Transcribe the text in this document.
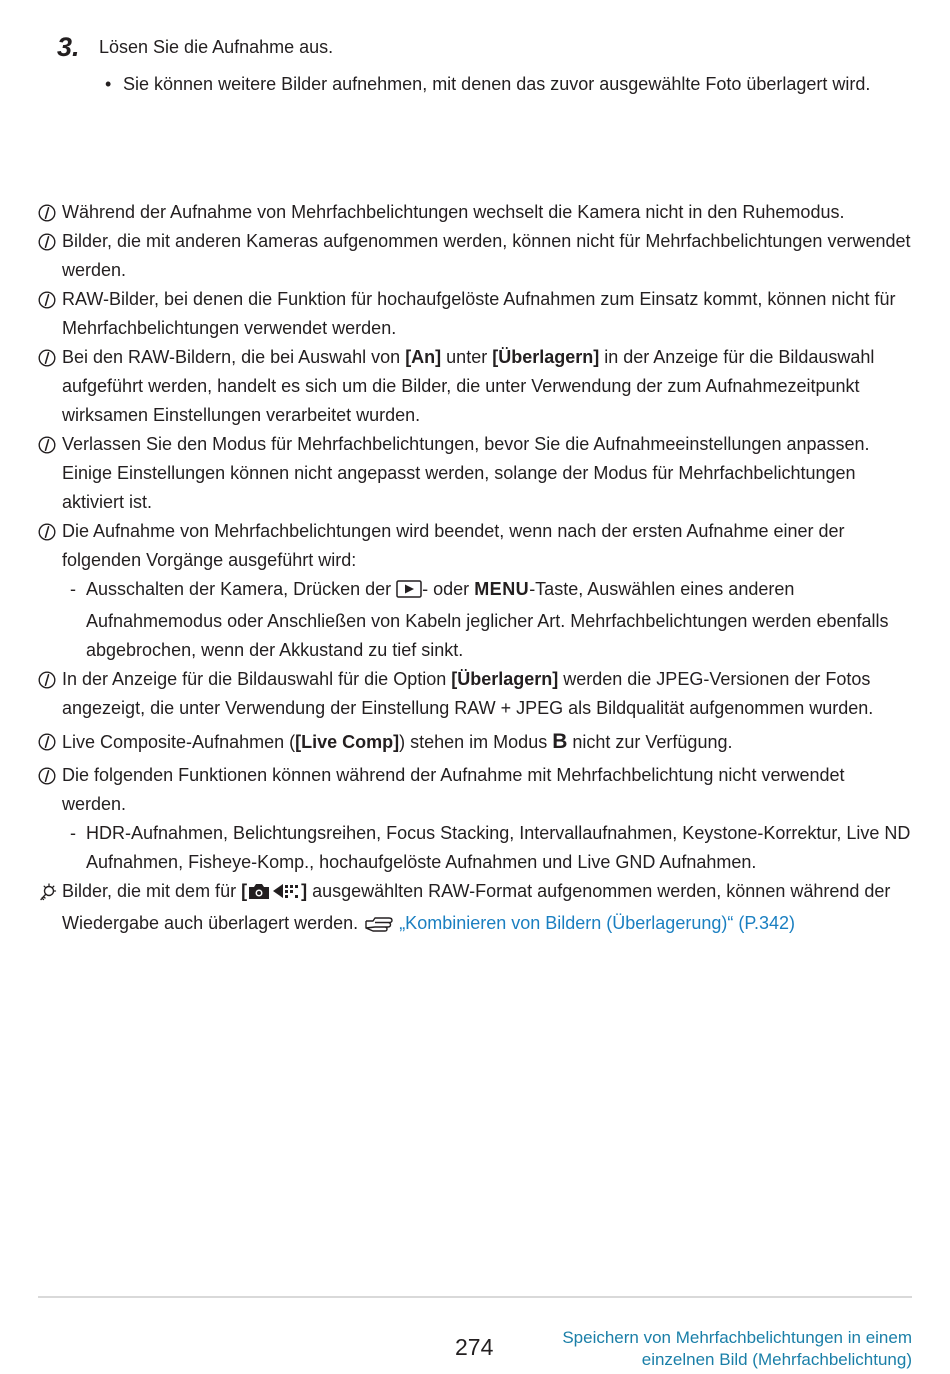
3. Lösen Sie die Aufnahme aus.
• Sie können weitere Bilder aufnehmen, mit denen das zuvor ausgewählte Foto überlagert wird.

Während der Aufnahme von Mehrfachbelichtungen wechselt die Kamera nicht in den Ruhemodus.

Bilder, die mit anderen Kameras aufgenommen werden, können nicht für Mehrfachbelichtungen verwendet werden.

RAW-Bilder, bei denen die Funktion für hochaufgelöste Aufnahmen zum Einsatz kommt, können nicht für Mehrfachbelichtungen verwendet werden.

Bei den RAW-Bildern, die bei Auswahl von [An] unter [Überlagern] in der Anzeige für die Bildauswahl aufgeführt werden, handelt es sich um die Bilder, die unter Verwendung der zum Aufnahmezeitpunkt wirksamen Einstellungen verarbeitet wurden.

Verlassen Sie den Modus für Mehrfachbelichtungen, bevor Sie die Aufnahmeeinstellungen anpassen. Einige Einstellungen können nicht angepasst werden, solange der Modus für Mehrfachbelichtungen aktiviert ist.

Die Aufnahme von Mehrfachbelichtungen wird beendet, wenn nach der ersten Aufnahme einer der folgenden Vorgänge ausgeführt wird:

- Ausschalten der Kamera, Drücken der - oder MENU-Taste, Auswählen eines anderen Aufnahmemodus oder Anschließen von Kabeln jeglicher Art. Mehrfachbelichtungen werden ebenfalls abgebrochen, wenn der Akkustand zu tief sinkt.

In der Anzeige für die Bildauswahl für die Option [Überlagern] werden die JPEG-Versionen der Fotos angezeigt, die unter Verwendung der Einstellung RAW + JPEG als Bildqualität aufgenommen wurden.

Live Composite-Aufnahmen ([Live Comp]) stehen im Modus B nicht zur Verfügung.

Die folgenden Funktionen können während der Aufnahme mit Mehrfachbelichtung nicht verwendet werden.

- HDR-Aufnahmen, Belichtungsreihen, Focus Stacking, Intervallaufnahmen, Keystone-Korrektur, Live ND Aufnahmen, Fisheye-Komp., hochaufgelöste Aufnahmen und Live GND Aufnahmen.

Bilder, die mit dem für [	] ausgewählten RAW-Format aufgenommen werden, können während der Wiedergabe auch überlagert werden. „Kombinieren von Bildern (Überlagerung)“ (P.342)

274	Speichern von Mehrfachbelichtungen in einem
einzelnen Bild (Mehrfachbelichtung)
